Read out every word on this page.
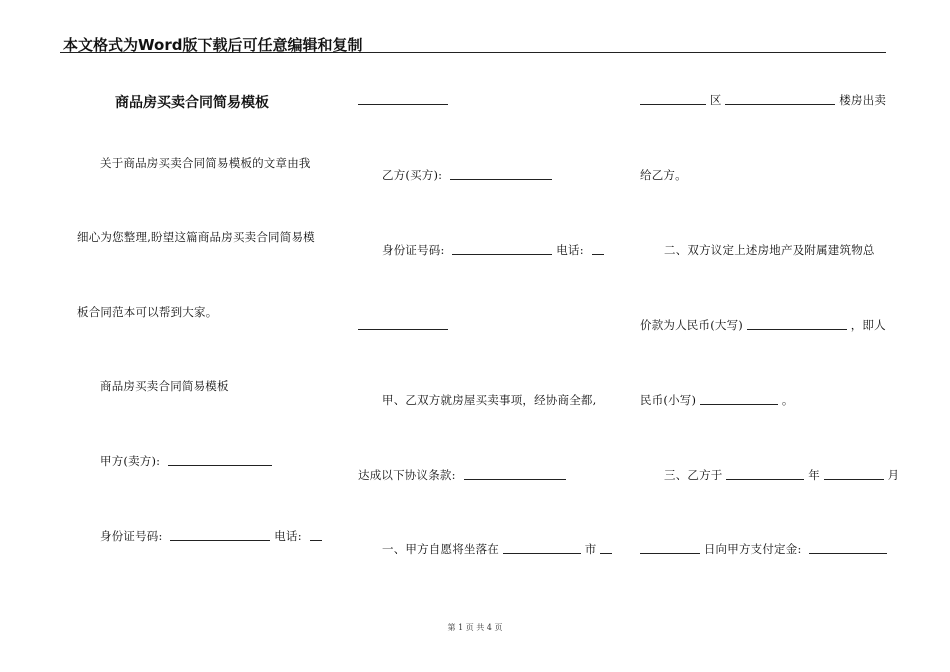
本文格式为Word版下载后可任意编辑和复制
商品房买卖合同简易模板
关于商品房买卖合同简易模板的文章由我
细心为您整理,盼望这篇商品房买卖合同简易模
板合同范本可以帮到大家。
商品房买卖合同简易模板
甲方(卖方):
身份证号码:	电话:
乙方(买方):
身份证号码:	电话:
甲、乙双方就房屋买卖事项，经协商全都,
达成以下协议条款:
一、甲方自愿将坐落在	市
区	楼房出卖
给乙方。
二、双方议定上述房地产及附属建筑物总
价款为人民币(大写)	，即人
民币(小写)	。
三、乙方于	年	月
日向甲方支付定金:
第 1 页 共 4 页
